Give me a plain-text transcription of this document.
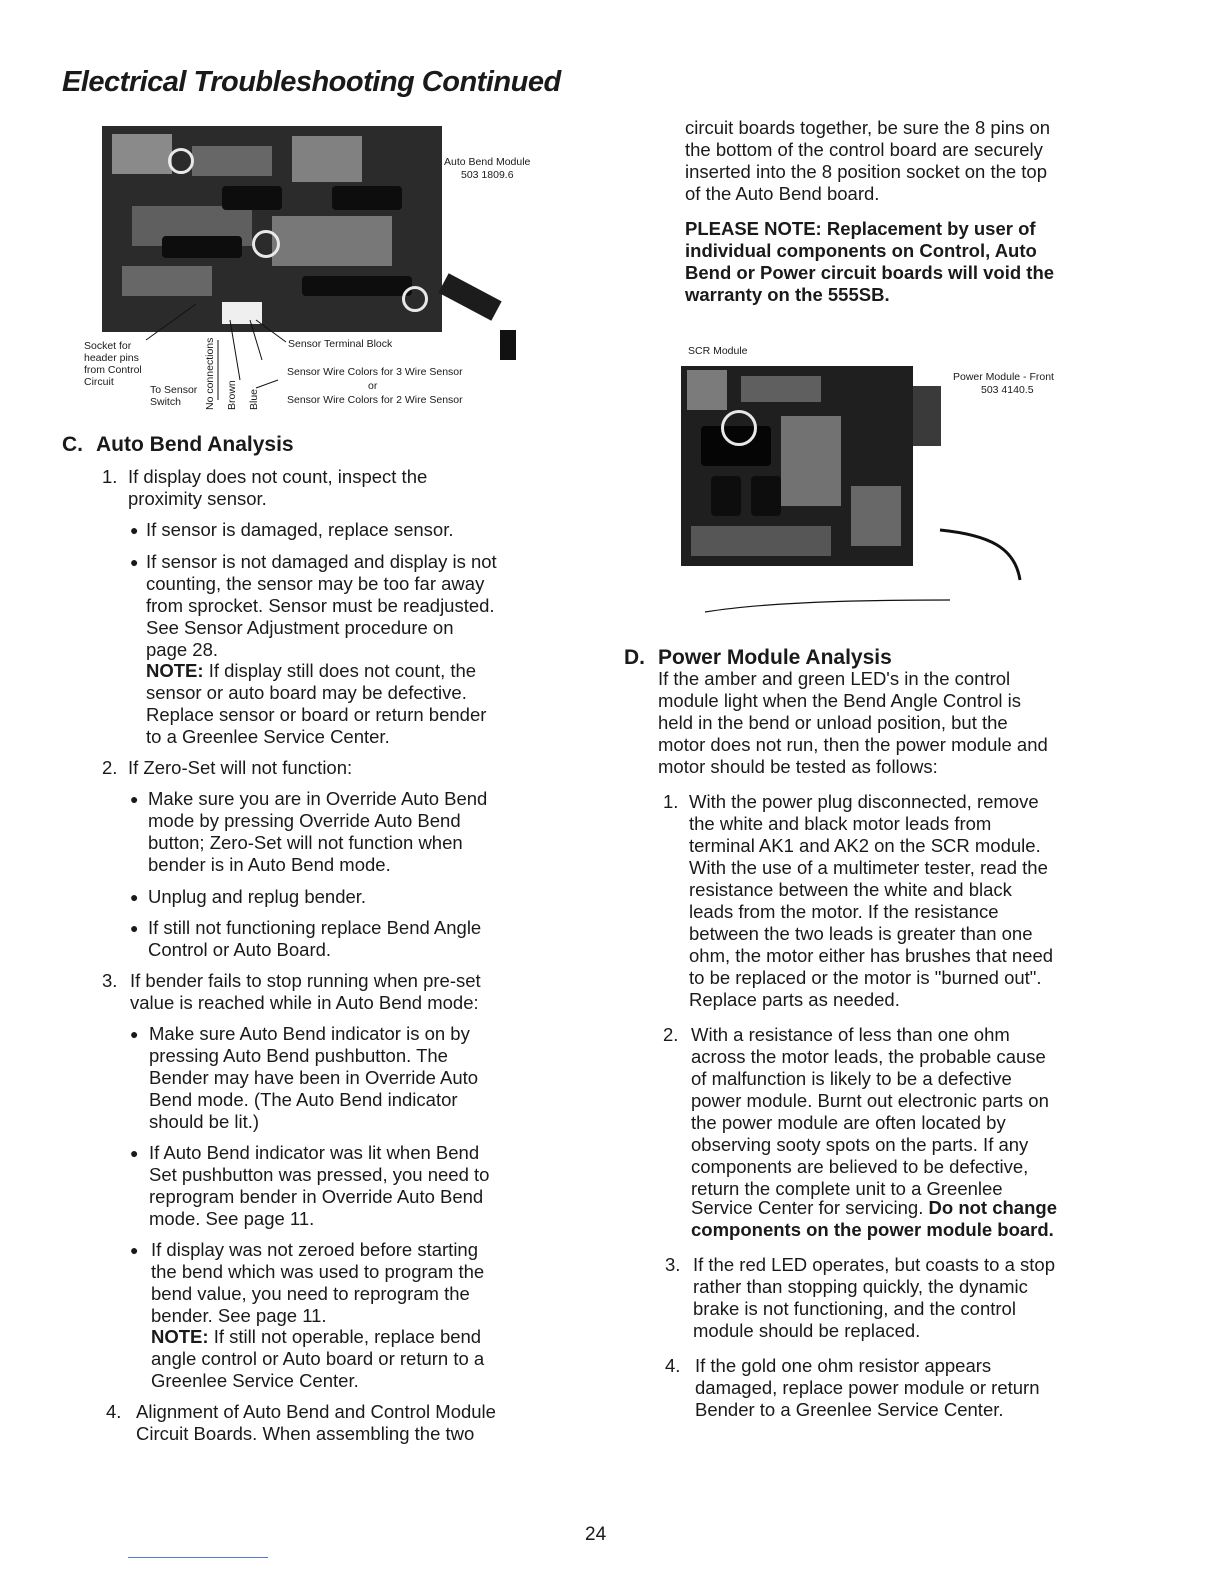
Electrical Troubleshooting Continued
Auto Bend Module
503 1809.6
Socket for
header pins
from Control
Circuit
To Sensor
Switch No connections Brown Blue
Sensor Terminal Block
Sensor Wire Colors for 3 Wire Sensor
or
Sensor Wire Colors for 2 Wire Sensor
C. Auto Bend Analysis
1. If display does not count, inspect the
proximity sensor.
● If sensor is damaged, replace sensor.
● If sensor is not damaged and display is not
counting, the sensor may be too far away
from sprocket. Sensor must be readjusted.
See Sensor Adjustment procedure on
page 28.
NOTE: If display still does not count, the
sensor or auto board may be defective.
Replace sensor or board or return bender
to a Greenlee Service Center.
2. If Zero-Set will not function:
● Make sure you are in Override Auto Bend
mode by pressing Override Auto Bend
button; Zero-Set will not function when
bender is in Auto Bend mode.
● Unplug and replug bender.
● If still not functioning replace Bend Angle
Control or Auto Board.
3. If bender fails to stop running when pre-set
value is reached while in Auto Bend mode:
● Make sure Auto Bend indicator is on by
pressing Auto Bend pushbutton. The
Bender may have been in Override Auto
Bend mode. (The Auto Bend indicator
should be lit.)
● If Auto Bend indicator was lit when Bend
Set pushbutton was pressed, you need to
reprogram bender in Override Auto Bend
mode. See page 11.
● If display was not zeroed before starting
the bend which was used to program the
bend value, you need to reprogram the
bender. See page 11.
NOTE: If still not operable, replace bend
angle control or Auto board or return to a
Greenlee Service Center.
4. Alignment of Auto Bend and Control Module
Circuit Boards. When assembling the two
circuit boards together, be sure the 8 pins on
the bottom of the control board are securely
inserted into the 8 position socket on the top
of the Auto Bend board.
PLEASE NOTE: Replacement by user of
individual components on Control, Auto
Bend or Power circuit boards will void the
warranty on the 555SB.
SCR Module
Power Module - Front
503 4140.5
D. Power Module Analysis
If the amber and green LED's in the control
module light when the Bend Angle Control is
held in the bend or unload position, but the
motor does not run, then the power module and
motor should be tested as follows:
1. With the power plug disconnected, remove
the white and black motor leads from
terminal AK1 and AK2 on the SCR module.
With the use of a multimeter tester, read the
resistance between the white and black
leads from the motor. If the resistance
between the two leads is greater than one
ohm, the motor either has brushes that need
to be replaced or the motor is "burned out".
Replace parts as needed.
2. With a resistance of less than one ohm
across the motor leads, the probable cause
of malfunction is likely to be a defective
power module. Burnt out electronic parts on
the power module are often located by
observing sooty spots on the parts. If any
components are believed to be defective,
return the complete unit to a Greenlee
Service Center for servicing. Do not change
components on the power module board.
3. If the red LED operates, but coasts to a stop
rather than stopping quickly, the dynamic
brake is not functioning, and the control
module should be replaced.
4. If the gold one ohm resistor appears
damaged, replace power module or return
Bender to a Greenlee Service Center.
24
